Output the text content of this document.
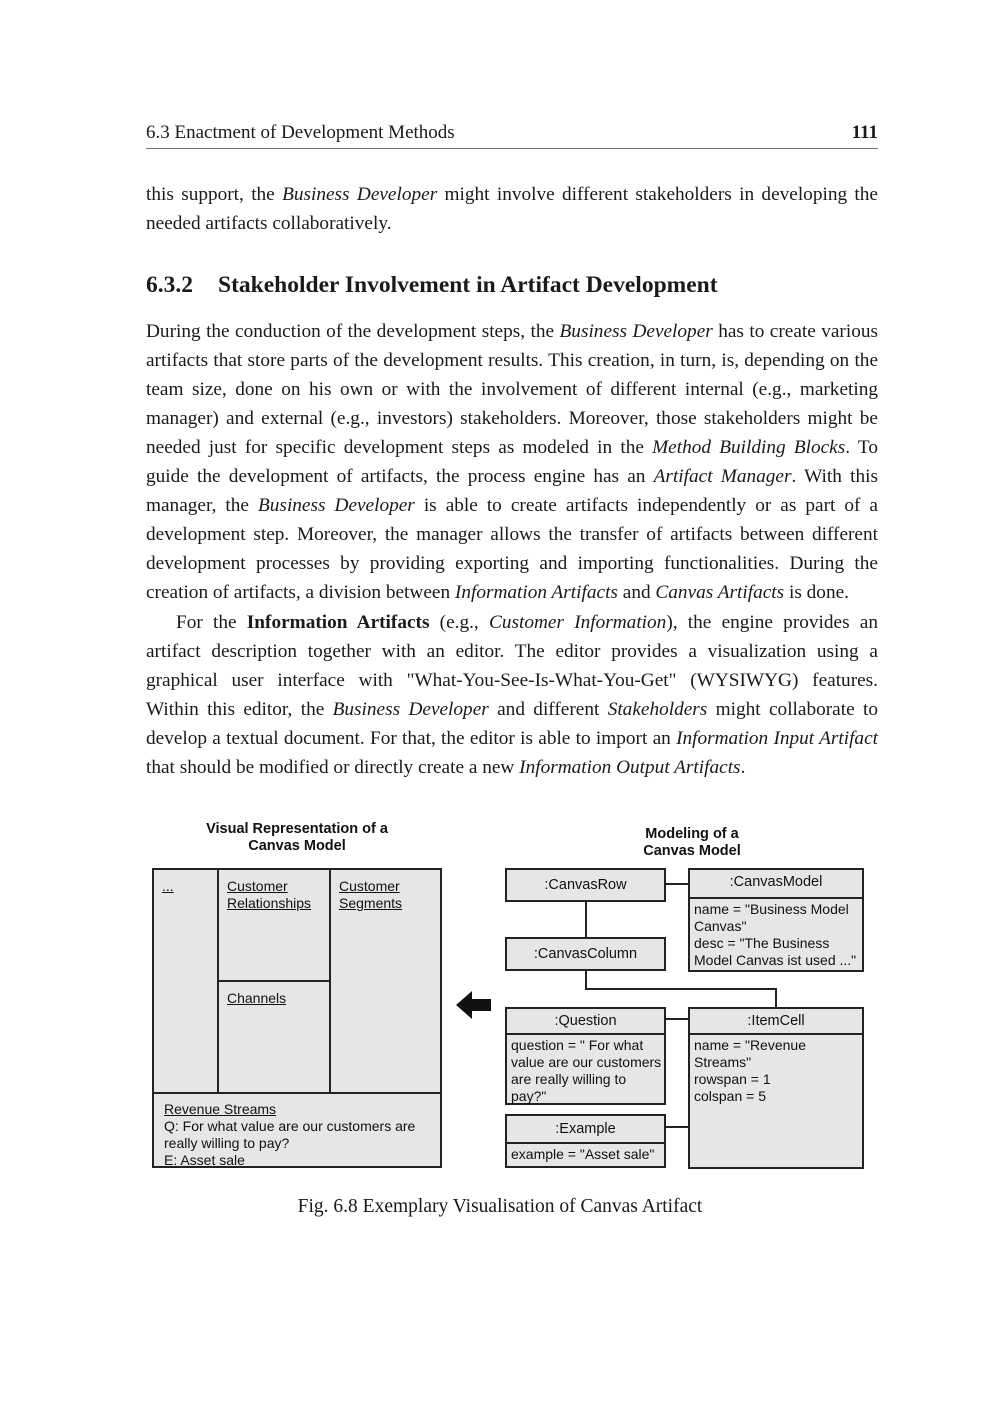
6.3 Enactment of Development Methods	111

this support, the Business Developer might involve different stakeholders in developing the needed artifacts collaboratively.

6.3.2 Stakeholder Involvement in Artifact Development

During the conduction of the development steps, the Business Developer has to create various artifacts that store parts of the development results. This creation, in turn, is, depending on the team size, done on his own or with the involvement of different internal (e.g., marketing manager) and external (e.g., investors) stakeholders. Moreover, those stakeholders might be needed just for specific development steps as modeled in the Method Building Blocks. To guide the development of artifacts, the process engine has an Artifact Manager. With this manager, the Business Developer is able to create artifacts independently or as part of a development step. Moreover, the manager allows the transfer of artifacts between different development processes by providing exporting and importing functionalities. During the creation of artifacts, a division between Information Artifacts and Canvas Artifacts is done.

For the Information Artifacts (e.g., Customer Information), the engine provides an artifact description together with an editor. The editor provides a visualization using a graphical user interface with "What-You-See-Is-What-You-Get" (WYSIWYG) features. Within this editor, the Business Developer and different Stakeholders might collaborate to develop a textual document. For that, the editor is able to import an Information Input Artifact that should be modified or directly create a new Information Output Artifacts.

Visual Representation of a
Canvas Model
Modeling of a
Canvas Model
...	Customer
Relationships
Customer
Segments
Channels
Revenue Streams
Q: For what value are our customers are
really willing to pay?
E: Asset sale
:CanvasRow
:CanvasColumn
:CanvasModel
name = "Business Model
Canvas"
desc = "The Business
Model Canvas ist used ..."
:Question
question = " For what
value are our customers
are really willing to
pay?"
:ItemCell
name = "Revenue
Streams"
rowspan = 1
colspan = 5
:Example
example = "Asset sale"
Fig. 6.8 Exemplary Visualisation of Canvas Artifact
